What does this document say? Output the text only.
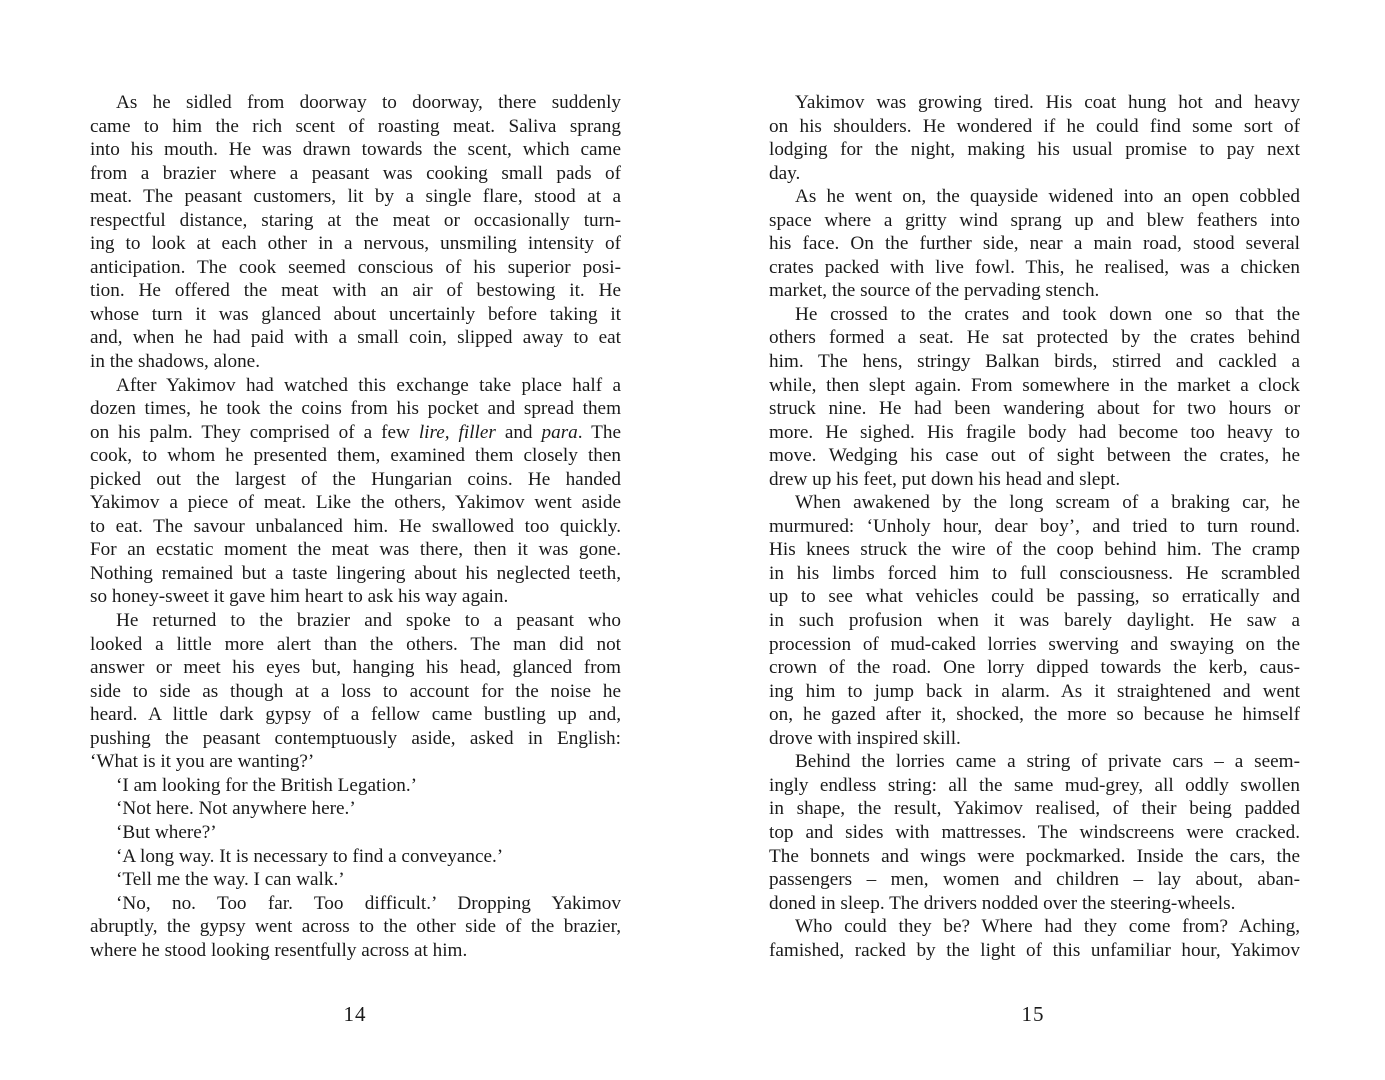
As he sidled from doorway to doorway, there suddenly
came to him the rich scent of roasting meat. Saliva sprang
into his mouth. He was drawn towards the scent, which came
from a brazier where a peasant was cooking small pads of
meat. The peasant customers, lit by a single flare, stood at a
respectful distance, staring at the meat or occasionally turn-
ing to look at each other in a nervous, unsmiling intensity of
anticipation. The cook seemed conscious of his superior posi-
tion. He offered the meat with an air of bestowing it. He
whose turn it was glanced about uncertainly before taking it
and, when he had paid with a small coin, slipped away to eat
in the shadows, alone.
After Yakimov had watched this exchange take place half a
dozen times, he took the coins from his pocket and spread them
on his palm. They comprised of a few lire, filler and para. The
cook, to whom he presented them, examined them closely then
picked out the largest of the Hungarian coins. He handed
Yakimov a piece of meat. Like the others, Yakimov went aside
to eat. The savour unbalanced him. He swallowed too quickly.
For an ecstatic moment the meat was there, then it was gone.
Nothing remained but a taste lingering about his neglected teeth,
so honey-sweet it gave him heart to ask his way again.
He returned to the brazier and spoke to a peasant who
looked a little more alert than the others. The man did not
answer or meet his eyes but, hanging his head, glanced from
side to side as though at a loss to account for the noise he
heard. A little dark gypsy of a fellow came bustling up and,
pushing the peasant contemptuously aside, asked in English:
‘What is it you are wanting?’
‘I am looking for the British Legation.’
‘Not here. Not anywhere here.’
‘But where?’
‘A long way. It is necessary to find a conveyance.’
‘Tell me the way. I can walk.’
‘No, no. Too far. Too difficult.’ Dropping Yakimov
abruptly, the gypsy went across to the other side of the brazier,
where he stood looking resentfully across at him.
Yakimov was growing tired. His coat hung hot and heavy
on his shoulders. He wondered if he could find some sort of
lodging for the night, making his usual promise to pay next
day.
As he went on, the quayside widened into an open cobbled
space where a gritty wind sprang up and blew feathers into
his face. On the further side, near a main road, stood several
crates packed with live fowl. This, he realised, was a chicken
market, the source of the pervading stench.
He crossed to the crates and took down one so that the
others formed a seat. He sat protected by the crates behind
him. The hens, stringy Balkan birds, stirred and cackled a
while, then slept again. From somewhere in the market a clock
struck nine. He had been wandering about for two hours or
more. He sighed. His fragile body had become too heavy to
move. Wedging his case out of sight between the crates, he
drew up his feet, put down his head and slept.
When awakened by the long scream of a braking car, he
murmured: ‘Unholy hour, dear boy’, and tried to turn round.
His knees struck the wire of the coop behind him. The cramp
in his limbs forced him to full consciousness. He scrambled
up to see what vehicles could be passing, so erratically and
in such profusion when it was barely daylight. He saw a
procession of mud-caked lorries swerving and swaying on the
crown of the road. One lorry dipped towards the kerb, caus-
ing him to jump back in alarm. As it straightened and went
on, he gazed after it, shocked, the more so because he himself
drove with inspired skill.
Behind the lorries came a string of private cars – a seem-
ingly endless string: all the same mud-grey, all oddly swollen
in shape, the result, Yakimov realised, of their being padded
top and sides with mattresses. The windscreens were cracked.
The bonnets and wings were pockmarked. Inside the cars, the
passengers – men, women and children – lay about, aban-
doned in sleep. The drivers nodded over the steering-wheels.
Who could they be? Where had they come from? Aching,
famished, racked by the light of this unfamiliar hour, Yakimov
14	15
